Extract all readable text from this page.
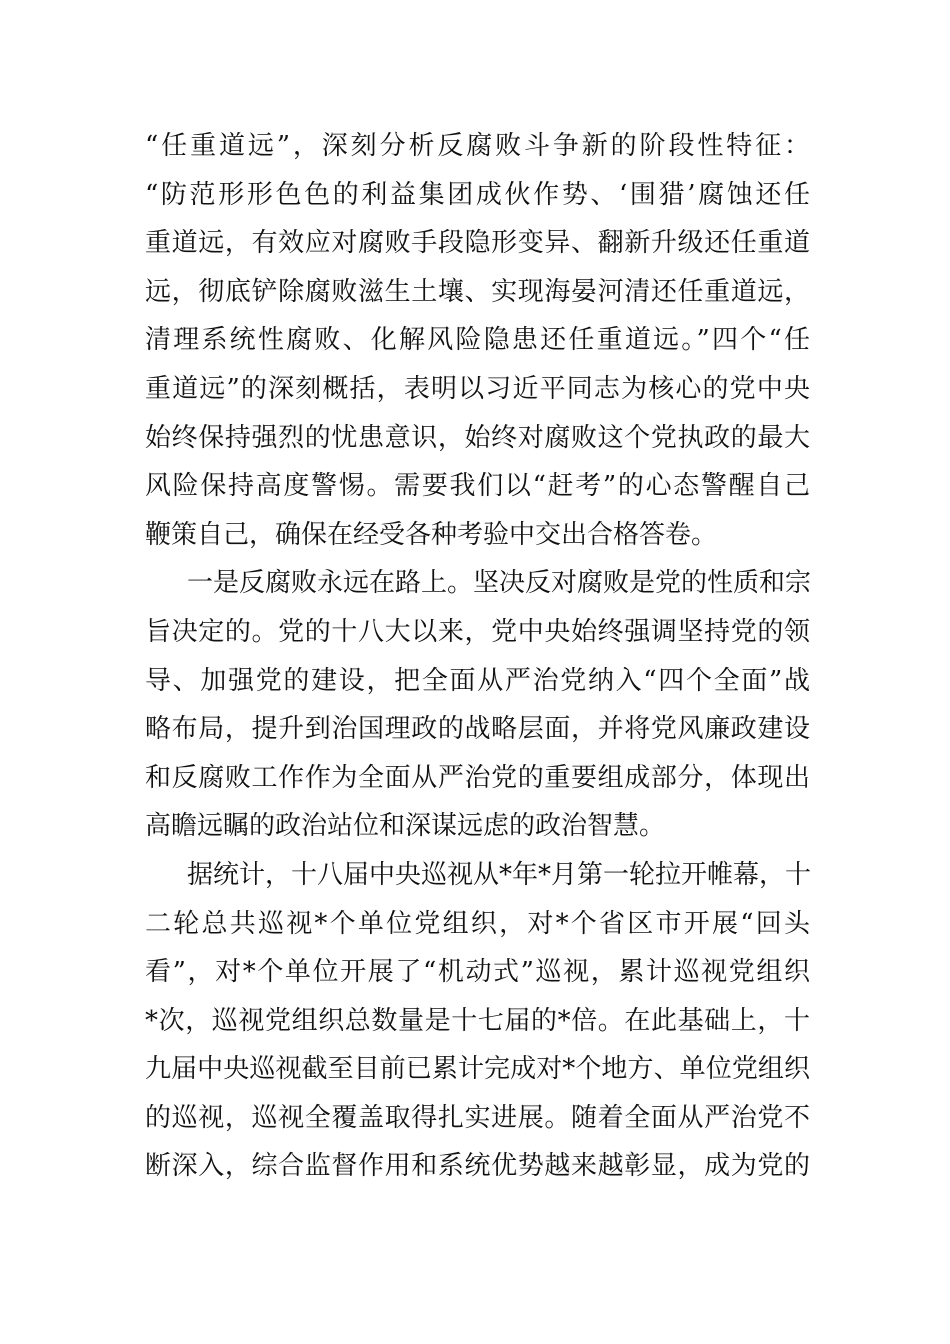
“任重道远”，深刻分析反腐败斗争新的阶段性特征：
“防范形形色色的利益集团成伙作势、‘围猎’腐蚀还任
重道远，有效应对腐败手段隐形变异、翻新升级还任重道
远，彻底铲除腐败滋生土壤、实现海晏河清还任重道远，
清理系统性腐败、化解风险隐患还任重道远。”四个“任
重道远”的深刻概括，表明以习近平同志为核心的党中央
始终保持强烈的忧患意识，始终对腐败这个党执政的最大
风险保持高度警惕。需要我们以“赶考”的心态警醒自己
鞭策自己，确保在经受各种考验中交出合格答卷。
一是反腐败永远在路上。坚决反对腐败是党的性质和宗
旨决定的。党的十八大以来，党中央始终强调坚持党的领
导、加强党的建设，把全面从严治党纳入“四个全面”战
略布局，提升到治国理政的战略层面，并将党风廉政建设
和反腐败工作作为全面从严治党的重要组成部分，体现出
高瞻远瞩的政治站位和深谋远虑的政治智慧。
据统计，十八届中央巡视从*年*月第一轮拉开帷幕，十
二轮总共巡视*个单位党组织，对*个省区市开展“回头
看”，对*个单位开展了“机动式”巡视，累计巡视党组织
*次，巡视党组织总数量是十七届的*倍。在此基础上，十
九届中央巡视截至目前已累计完成对*个地方、单位党组织
的巡视，巡视全覆盖取得扎实进展。随着全面从严治党不
断深入，综合监督作用和系统优势越来越彰显，成为党的
